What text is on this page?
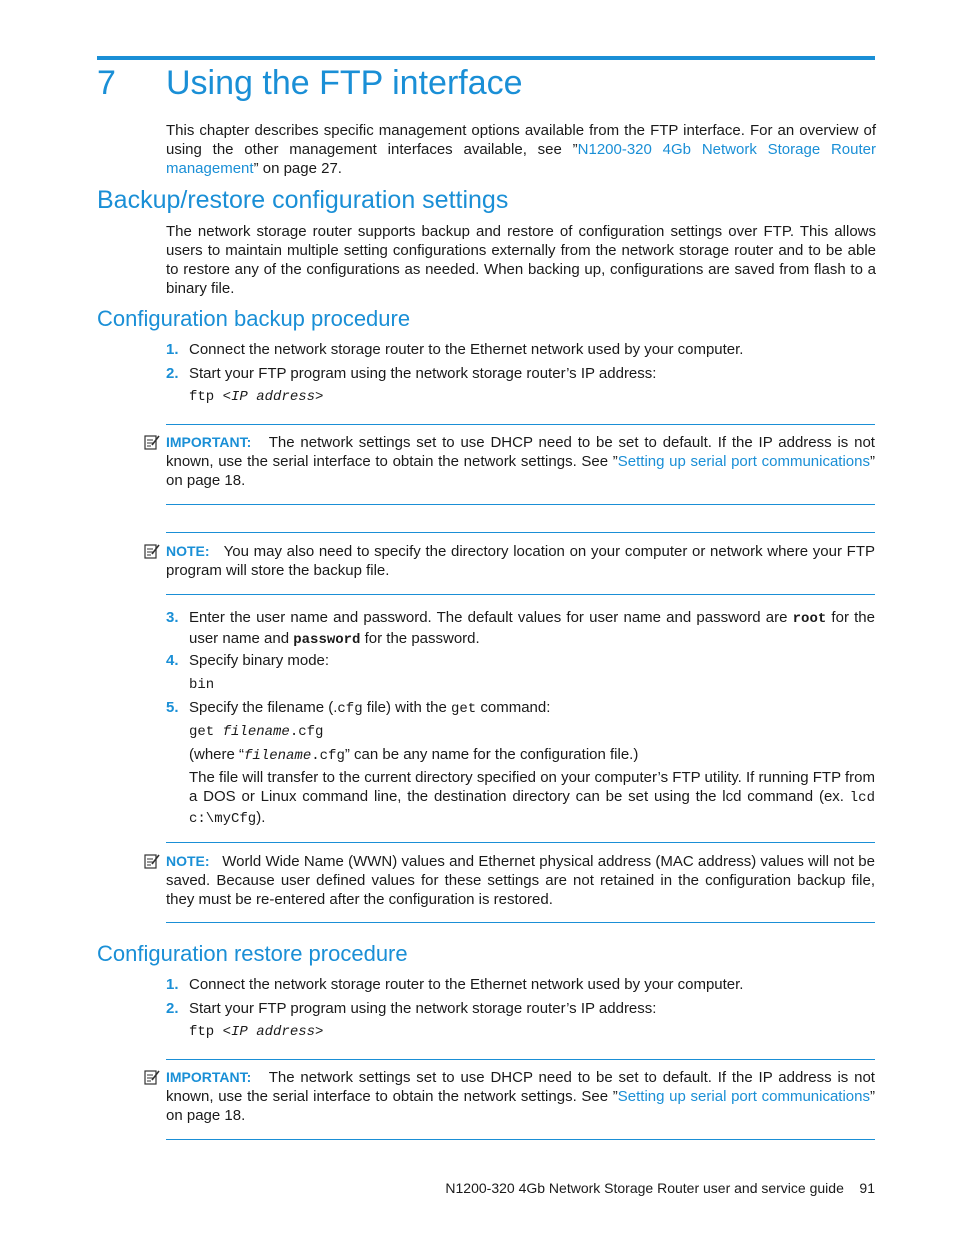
7 Using the FTP interface
This chapter describes specific management options available from the FTP interface. For an overview of using the other management interfaces available, see ”N1200-320 4Gb Network Storage Router management” on page 27.
Backup/restore configuration settings
The network storage router supports backup and restore of configuration settings over FTP. This allows users to maintain multiple setting configurations externally from the network storage router and to be able to restore any of the configurations as needed. When backing up, configurations are saved from flash to a binary file.
Configuration backup procedure
1. Connect the network storage router to the Ethernet network used by your computer.
2. Start your FTP program using the network storage router’s IP address:
ftp <IP address>
IMPORTANT: The network settings set to use DHCP need to be set to default. If the IP address is not known, use the serial interface to obtain the network settings. See ”Setting up serial port communications” on page 18.
NOTE: You may also need to specify the directory location on your computer or network where your FTP program will store the backup file.
3. Enter the user name and password. The default values for user name and password are root for the user name and password for the password.
4. Specify binary mode:
bin
5. Specify the filename (.cfg file) with the get command:
get filename.cfg
(where “filename.cfg” can be any name for the configuration file.)
The file will transfer to the current directory specified on your computer’s FTP utility. If running FTP from a DOS or Linux command line, the destination directory can be set using the lcd command (ex. lcd c:\myCfg).
NOTE: World Wide Name (WWN) values and Ethernet physical address (MAC address) values will not be saved. Because user defined values for these settings are not retained in the configuration backup file, they must be re-entered after the configuration is restored.
Configuration restore procedure
1. Connect the network storage router to the Ethernet network used by your computer.
2. Start your FTP program using the network storage router’s IP address:
ftp <IP address>
IMPORTANT: The network settings set to use DHCP need to be set to default. If the IP address is not known, use the serial interface to obtain the network settings. See ”Setting up serial port communications” on page 18.
N1200-320 4Gb Network Storage Router user and service guide 91
